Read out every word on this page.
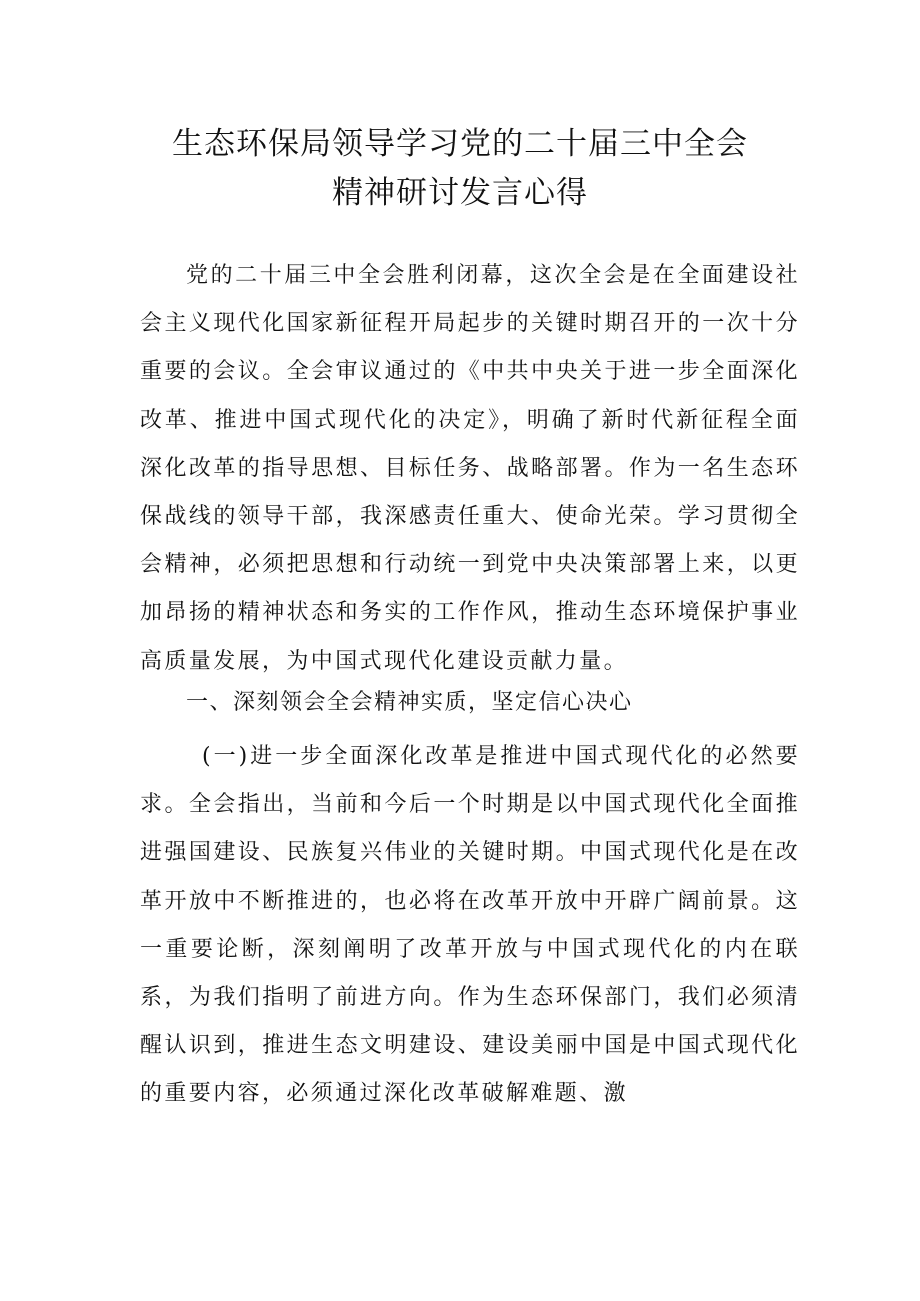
生态环保局领导学习党的二十届三中全会
精神研讨发言心得

党的二十届三中全会胜利闭幕，这次全会是在全面建设社会主义现代化国家新征程开局起步的关键时期召开的一次十分重要的会议。全会审议通过的《中共中央关于进一步全面深化改革、推进中国式现代化的决定》，明确了新时代新征程全面深化改革的指导思想、目标任务、战略部署。作为一名生态环保战线的领导干部，我深感责任重大、使命光荣。学习贯彻全会精神，必须把思想和行动统一到党中央决策部署上来，以更加昂扬的精神状态和务实的工作作风，推动生态环境保护事业高质量发展，为中国式现代化建设贡献力量。

一、深刻领会全会精神实质，坚定信心决心

(一)进一步全面深化改革是推进中国式现代化的必然要求。全会指出，当前和今后一个时期是以中国式现代化全面推进强国建设、民族复兴伟业的关键时期。中国式现代化是在改革开放中不断推进的，也必将在改革开放中开辟广阔前景。这一重要论断，深刻阐明了改革开放与中国式现代化的内在联系，为我们指明了前进方向。作为生态环保部门，我们必须清醒认识到，推进生态文明建设、建设美丽中国是中国式现代化的重要内容，必须通过深化改革破解难题、激
